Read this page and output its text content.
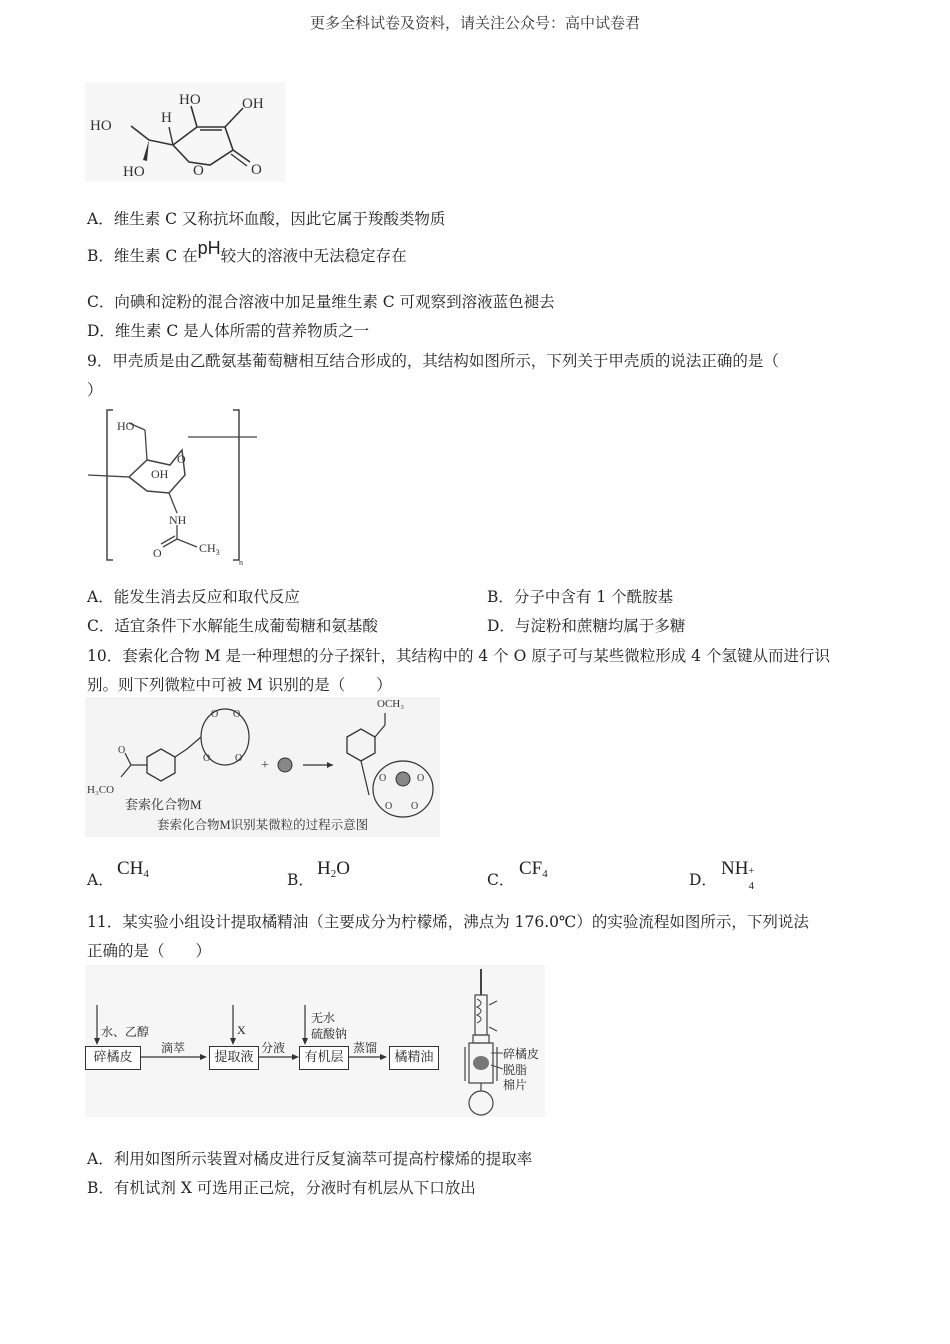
更多全科试卷及资料，请关注公众号：高中试卷君
HO	H
HO	OH
HO	O	O
A．维生素 C 又称抗坏血酸，因此它属于羧酸类物质
B．维生素 C 在pH较大的溶液中无法稳定存在
C．向碘和淀粉的混合溶液中加足量维生素 C 可观察到溶液蓝色褪去
D．维生素 C 是人体所需的营养物质之一
9．甲壳质是由乙酰氨基葡萄糖相互结合形成的，其结构如图所示，下列关于甲壳质的说法正确的是（
）
HO
O
OH
NH
O	$CH_3$
n
A．能发生消去反应和取代反应	B．分子中含有 1 个酰胺基
C．适宜条件下水解能生成葡萄糖和氨基酸	D．与淀粉和蔗糖均属于多糖
10．套索化合物 M 是一种理想的分子探针，其结构中的 4 个 O 原子可与某些微粒形成 4 个氢键从而进行识
别。则下列微粒中可被 M 识别的是（　　）
O O
O O
H₃CO
O
+
OCH₃
O	O
O O
套索化合物M
套索化合物M识别某微粒的过程示意图
A．
CH4	B．
H2O
C．
CF4	D．
NH +
4
11．某实验小组设计提取橘精油（主要成分为柠檬烯，沸点为 176.0℃）的实验流程如图所示，下列说法
正确的是（　　）
碎橘皮	提取液	有机层	橘精油
水、乙醇	X
无水
硫酸钠
滴萃	分液	蒸馏	碎橘皮
脱脂
棉片
A．利用如图所示装置对橘皮进行反复滴萃可提高柠檬烯的提取率
B．有机试剂 X 可选用正己烷，分液时有机层从下口放出
